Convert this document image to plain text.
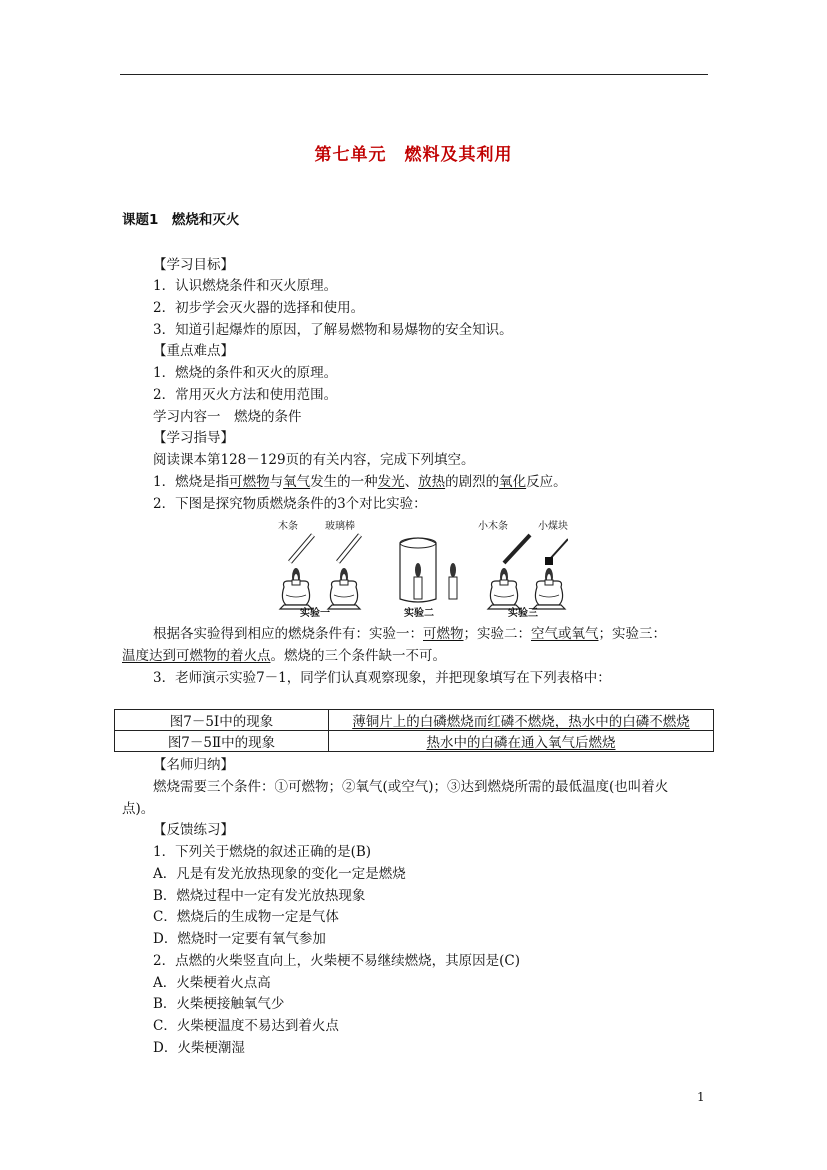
第七单元　燃料及其利用
课题1　燃烧和灭火
【学习目标】
1．认识燃烧条件和灭火原理。
2．初步学会灭火器的选择和使用。
3．知道引起爆炸的原因，了解易燃物和易爆物的安全知识。
【重点难点】
1．燃烧的条件和灭火的原理。
2．常用灭火方法和使用范围。
学习内容一　燃烧的条件
【学习指导】
阅读课本第128－129页的有关内容，完成下列填空。
1．燃烧是指可燃物与氧气发生的一种发光、放热的剧烈的氧化反应。
2．下图是探究物质燃烧条件的3个对比实验：
木条	玻璃棒	小木条	小煤块
实验一	实验二	实验三
根据各实验得到相应的燃烧条件有：实验一：可燃物；实验二：空气或氧气；实验三：
温度达到可燃物的着火点。燃烧的三个条件缺一不可。
3．老师演示实验7－1，同学们认真观察现象，并把现象填写在下列表格中：
图7－5Ⅰ中的现象	薄铜片上的白磷燃烧而红磷不燃烧，热水中的白磷不燃烧
图7－5Ⅱ中的现象	热水中的白磷在通入氧气后燃烧
【名师归纳】
燃烧需要三个条件：①可燃物；②氧气(或空气)；③达到燃烧所需的最低温度(也叫着火
点)。
【反馈练习】
1．下列关于燃烧的叙述正确的是(B)
A．凡是有发光放热现象的变化一定是燃烧
B．燃烧过程中一定有发光放热现象
C．燃烧后的生成物一定是气体
D．燃烧时一定要有氧气参加
2．点燃的火柴竖直向上，火柴梗不易继续燃烧，其原因是(C)
A．火柴梗着火点高
B．火柴梗接触氧气少
C．火柴梗温度不易达到着火点
D．火柴梗潮湿
1
